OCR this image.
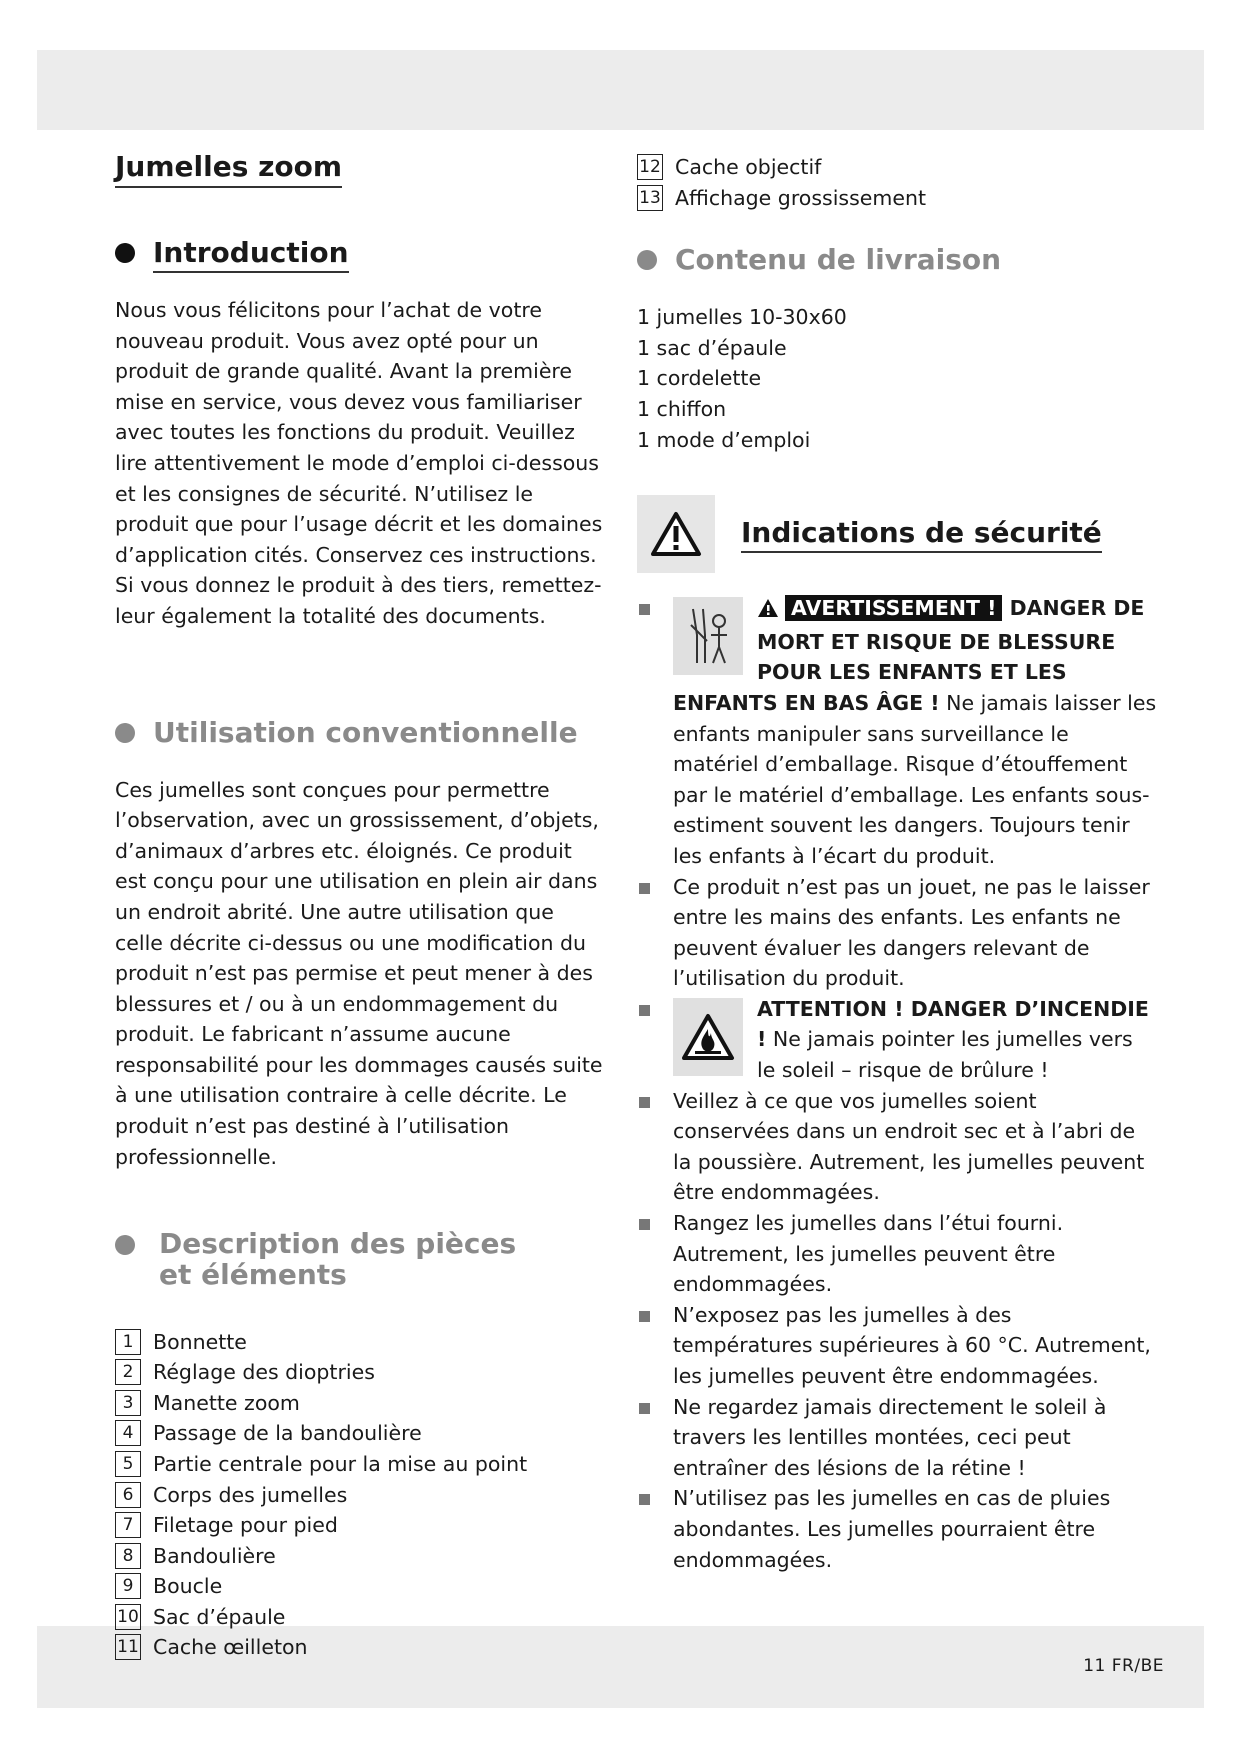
11 FR/BE
Jumelles zoom
Introduction

Nous vous félicitons pour l’achat de votre nouveau produit. Vous avez opté pour un produit de grande qualité. Avant la première mise en service, vous devez vous familiariser avec toutes les fonctions du produit. Veuillez lire attentivement le mode d’emploi ci-dessous et les consignes de sécurité. N’utilisez le produit que pour l’usage décrit et les domaines d’application cités. Conservez ces instructions. Si vous donnez le produit à des tiers, remettez-leur également la totalité des documents.

Utilisation conventionnelle

Ces jumelles sont conçues pour permettre l’observation, avec un grossissement, d’objets, d’animaux d’arbres etc. éloignés. Ce produit est conçu pour une utilisation en plein air dans un endroit abrité. Une autre utilisation que celle décrite ci-dessus ou une modification du produit n’est pas permise et peut mener à des blessures et / ou à un endommagement du produit. Le fabricant n’assume aucune responsabilité pour les dommages causés suite à une utilisation contraire à celle décrite. Le produit n’est pas destiné à l’utilisation professionnelle.

Description des pièces
et éléments
1 Bonnette
2 Réglage des dioptries
3 Manette zoom
4 Passage de la bandoulière
5 Partie centrale pour la mise au point
6 Corps des jumelles
7 Filetage pour pied
8 Bandoulière
9 Boucle
10 Sac d’épaule
11 Cache œilleton
12 Cache objectif
13 Affichage grossissement
Contenu de livraison
1 jumelles 10-30x60
1 sac d’épaule
1 cordelette
1 chiffon
1 mode d’emploi
Indications de sécurité
AVERTISSEMENT ! DANGER DE MORT ET RISQUE DE BLESSURE POUR LES ENFANTS ET LES ENFANTS EN BAS ÂGE ! Ne jamais laisser les enfants manipuler sans surveillance le matériel d’emballage. Risque d’étouffement par le matériel d’emballage. Les enfants sous-estiment souvent les dangers. Toujours tenir les enfants à l’écart du produit.
Ce produit n’est pas un jouet, ne pas le laisser entre les mains des enfants. Les enfants ne peuvent évaluer les dangers relevant de l’utilisation du produit.
ATTENTION ! DANGER D’INCENDIE ! Ne jamais pointer les jumelles vers le soleil – risque de brûlure !
Veillez à ce que vos jumelles soient conservées dans un endroit sec et à l’abri de la poussière. Autrement, les jumelles peuvent être endommagées.
Rangez les jumelles dans l’étui fourni. Autrement, les jumelles peuvent être endommagées.
N’exposez pas les jumelles à des températures supérieures à 60 °C. Autrement, les jumelles peuvent être endommagées.
Ne regardez jamais directement le soleil à travers les lentilles montées, ceci peut entraîner des lésions de la rétine !
N’utilisez pas les jumelles en cas de pluies abondantes. Les jumelles pourraient être endommagées.
